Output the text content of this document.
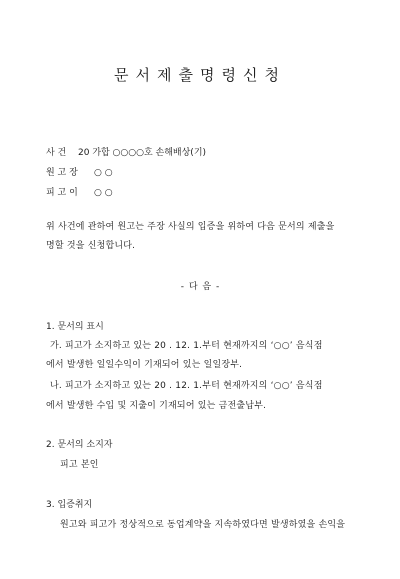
문서제출명령신청
사 건 20 가합 ○○○○호 손해배상(기)
원 고 장 ○ ○
피 고 이 ○ ○
위 사건에 관하여 원고는 주장 사실의 입증을 위하여 다음 문서의 제출을
명할 것을 신청합니다.
- 다 음 -
1. 문서의 표시
가. 피고가 소지하고 있는 20 . 12. 1.부터 현재까지의 ‘○○’ 음식점
에서 발생한 일일수익이 기재되어 있는 일일장부.
나. 피고가 소지하고 있는 20 . 12. 1.부터 현재까지의 ‘○○’ 음식점
에서 발생한 수입 및 지출이 기재되어 있는 금전출납부.
2. 문서의 소지자
피고 본인
3. 입증취지
원고와 피고가 정상적으로 동업계약을 지속하였다면 발생하였을 손익을
